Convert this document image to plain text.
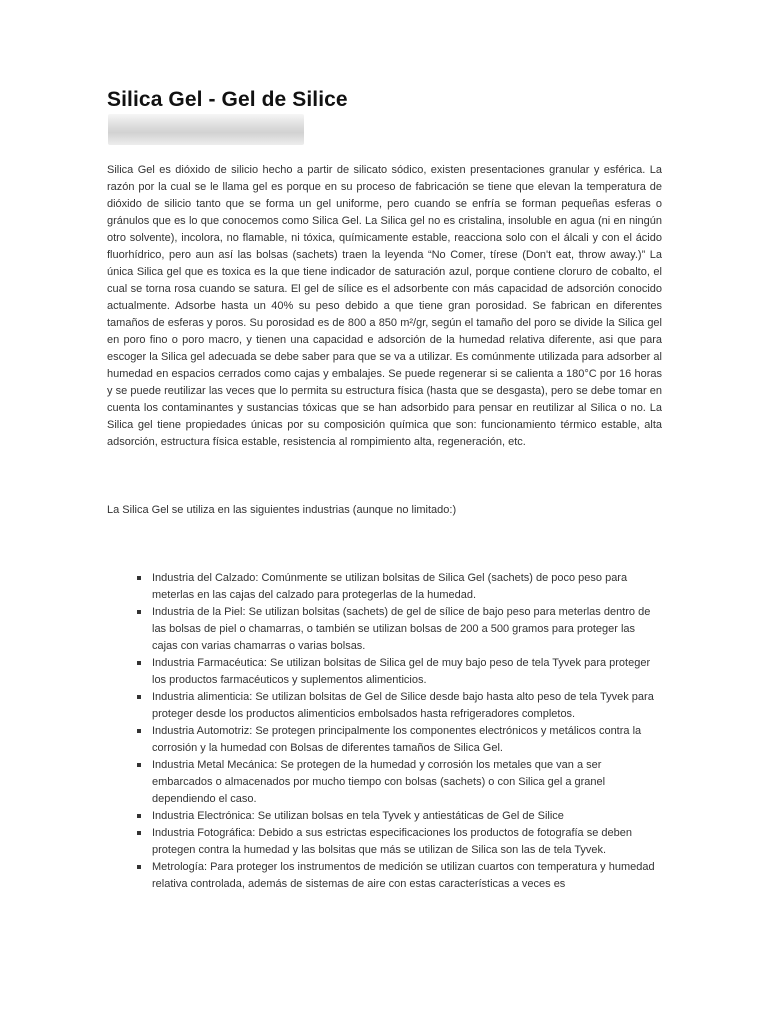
Silica Gel - Gel de Silice

Silica Gel es dióxido de silicio hecho a partir de silicato sódico, existen presentaciones granular y esférica. La razón por la cual se le llama gel es porque en su proceso de fabricación se tiene que elevan la temperatura de dióxido de silicio tanto que se forma un gel uniforme, pero cuando se enfría se forman pequeñas esferas o gránulos que es lo que conocemos como Silica Gel. La Silica gel no es cristalina, insoluble en agua (ni en ningún otro solvente), incolora, no flamable, ni tóxica, químicamente estable, reacciona solo con el álcali y con el ácido fluorhídrico, pero aun así las bolsas (sachets) traen la leyenda “No Comer, tírese (Don't eat, throw away.)” La única Silica gel que es toxica es la que tiene indicador de saturación azul, porque contiene cloruro de cobalto, el cual se torna rosa cuando se satura. El gel de sílice es el adsorbente con más capacidad de adsorción conocido actualmente. Adsorbe hasta un 40% su peso debido a que tiene gran porosidad. Se fabrican en diferentes tamaños de esferas y poros. Su porosidad es de 800 a 850 m²/gr, según el tamaño del poro se divide la Silica gel en poro fino o poro macro, y tienen una capacidad e adsorción de la humedad relativa diferente, asi que para escoger la Silica gel adecuada se debe saber para que se va a utilizar. Es comúnmente utilizada para adsorber al humedad en espacios cerrados como cajas y embalajes. Se puede regenerar si se calienta a 180°C por 16 horas y se puede reutilizar las veces que lo permita su estructura física (hasta que se desgasta), pero se debe tomar en cuenta los contaminantes y sustancias tóxicas que se han adsorbido para pensar en reutilizar al Silica o no. La Silica gel tiene propiedades únicas por su composición química que son: funcionamiento térmico estable, alta adsorción, estructura física estable, resistencia al rompimiento alta, regeneración, etc.

La Silica Gel se utiliza en las siguientes industrias (aunque no limitado:)

Industria del Calzado: Comúnmente se utilizan bolsitas de Silica Gel (sachets) de poco peso para meterlas en las cajas del calzado para protegerlas de la humedad.
Industria de la Piel: Se utilizan bolsitas (sachets) de gel de sílice de bajo peso para meterlas dentro de las bolsas de piel o chamarras, o también se utilizan bolsas de 200 a 500 gramos para proteger las cajas con varias chamarras o varias bolsas.
Industria Farmacéutica: Se utilizan bolsitas de Silica gel de muy bajo peso de tela Tyvek para proteger los productos farmacéuticos y suplementos alimenticios.
Industria alimenticia: Se utilizan bolsitas de Gel de Silice desde bajo hasta alto peso de tela Tyvek para proteger desde los productos alimenticios embolsados hasta refrigeradores completos.
Industria Automotriz: Se protegen principalmente los componentes electrónicos y metálicos contra la corrosión y la humedad con Bolsas de diferentes tamaños de Silica Gel.
Industria Metal Mecánica: Se protegen de la humedad y corrosión los metales que van a ser embarcados o almacenados por mucho tiempo con bolsas (sachets) o con Silica gel a granel dependiendo el caso.
Industria Electrónica: Se utilizan bolsas en tela Tyvek y antiestáticas de Gel de Silice
Industria Fotográfica: Debido a sus estrictas especificaciones los productos de fotografía se deben protegen contra la humedad y las bolsitas que más se utilizan de Silica son las de tela Tyvek.
Metrología: Para proteger los instrumentos de medición se utilizan cuartos con temperatura y humedad relativa controlada, además de sistemas de aire con estas características a veces es
